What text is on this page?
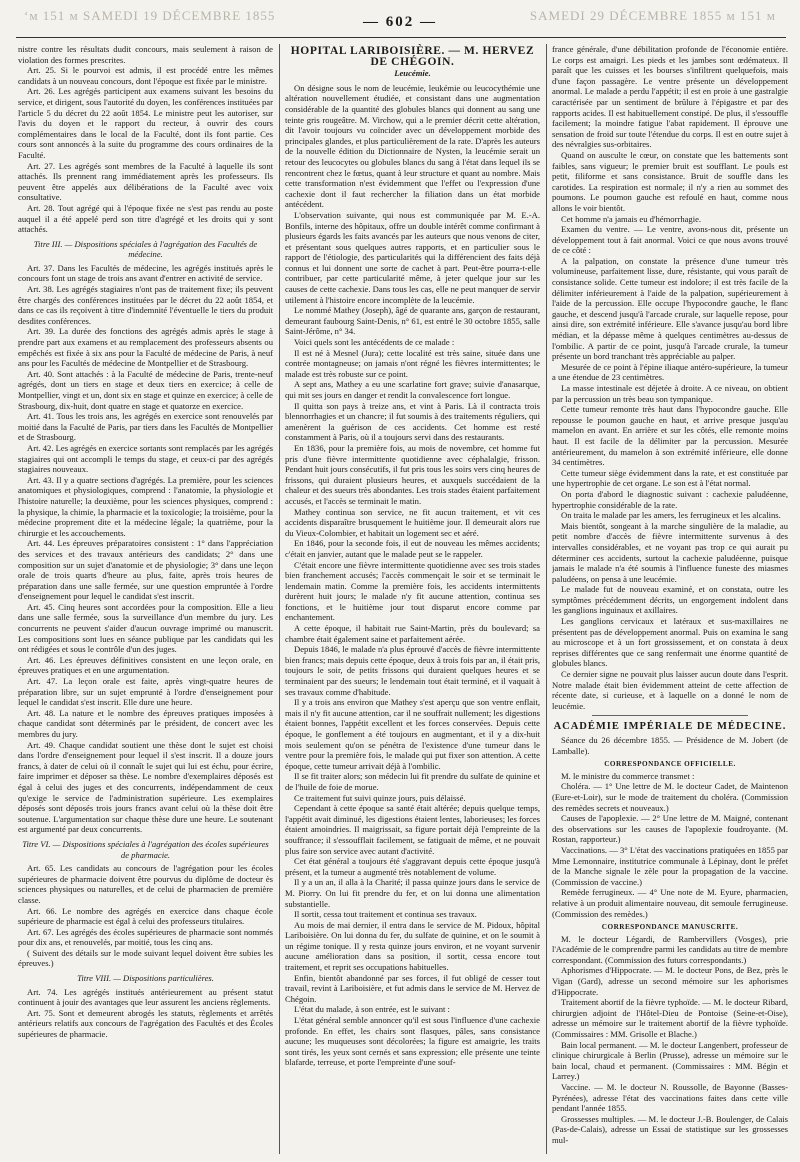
‘ᴍ 151 ᴍ SAMEDI 19 DÉCEMBRE 1855	— 602 —	SAMEDI 29 DÉCEMBRE 1855 ᴍ 151 ᴍ

nistre contre les résultats dudit concours, mais seulement à raison de violation des formes prescrites.

Art. 25. Si le pourvoi est admis, il est procédé entre les mêmes candidats à un nouveau concours, dont l'époque est fixée par le ministre.

Art. 26. Les agrégés participent aux examens suivant les besoins du service, et dirigent, sous l'autorité du doyen, les conférences instituées par l'article 5 du décret du 22 août 1854. Le ministre peut les autoriser, sur l'avis du doyen et le rapport du recteur, à ouvrir des cours complémentaires dans le local de la Faculté, dont ils font partie. Ces cours sont annoncés à la suite du programme des cours ordinaires de la Faculté.

Art. 27. Les agrégés sont membres de la Faculté à laquelle ils sont attachés. Ils prennent rang immédiatement après les professeurs. Ils peuvent être appelés aux délibérations de la Faculté avec voix consultative.

Art. 28. Tout agrégé qui à l'époque fixée ne s'est pas rendu au poste auquel il a été appelé perd son titre d'agrégé et les droits qui y sont attachés.

Titre III. — Dispositions spéciales à l'agrégation des Facultés de médecine.

Art. 37. Dans les Facultés de médecine, les agrégés institués après le concours font un stage de trois ans avant d'entrer en activité de service.

Art. 38. Les agrégés stagiaires n'ont pas de traitement fixe; ils peuvent être chargés des conférences instituées par le décret du 22 août 1854, et dans ce cas ils reçoivent à titre d'indemnité l'éventuelle le tiers du produit desdites conférences.

Art. 39. La durée des fonctions des agrégés admis après le stage à prendre part aux examens et au remplacement des professeurs absents ou empêchés est fixée à six ans pour la Faculté de médecine de Paris, à neuf ans pour les Facultés de médecine de Montpellier et de Strasbourg.

Art. 40. Sont attachés : à la Faculté de médecine de Paris, trente-neuf agrégés, dont un tiers en stage et deux tiers en exercice; à celle de Montpellier, vingt et un, dont six en stage et quinze en exercice; à celle de Strasbourg, dix-huit, dont quatre en stage et quatorze en exercice.

Art. 41. Tous les trois ans, les agrégés en exercice sont renouvelés par moitié dans la Faculté de Paris, par tiers dans les Facultés de Montpellier et de Strasbourg.

Art. 42. Les agrégés en exercice sortants sont remplacés par les agrégés stagiaires qui ont accompli le temps du stage, et ceux-ci par des agrégés stagiaires nouveaux.

Art. 43. Il y a quatre sections d'agrégés. La première, pour les sciences anatomiques et physiologiques, comprend : l'anatomie, la physiologie et l'histoire naturelle; la deuxième, pour les sciences physiques, comprend : la physique, la chimie, la pharmacie et la toxicologie; la troisième, pour la médecine proprement dite et la médecine légale; la quatrième, pour la chirurgie et les accouchements.

Art. 44. Les épreuves préparatoires consistent : 1° dans l'appréciation des services et des travaux antérieurs des candidats; 2° dans une composition sur un sujet d'anatomie et de physiologie; 3° dans une leçon orale de trois quarts d'heure au plus, faite, après trois heures de préparation dans une salle fermée, sur une question empruntée à l'ordre d'enseignement pour lequel le candidat s'est inscrit.

Art. 45. Cinq heures sont accordées pour la composition. Elle a lieu dans une salle fermée, sous la surveillance d'un membre du jury. Les concurrents ne peuvent s'aider d'aucun ouvrage imprimé ou manuscrit. Les compositions sont lues en séance publique par les candidats qui les ont rédigées et sous le contrôle d'un des juges.

Art. 46. Les épreuves définitives consistent en une leçon orale, en épreuves pratiques et en une argumentation.

Art. 47. La leçon orale est faite, après vingt-quatre heures de préparation libre, sur un sujet emprunté à l'ordre d'enseignement pour lequel le candidat s'est inscrit. Elle dure une heure.

Art. 48. La nature et le nombre des épreuves pratiques imposées à chaque candidat sont déterminés par le président, de concert avec les membres du jury.

Art. 49. Chaque candidat soutient une thèse dont le sujet est choisi dans l'ordre d'enseignement pour lequel il s'est inscrit. Il a douze jours francs, à dater de celui où il connaît le sujet qui lui est échu, pour écrire, faire imprimer et déposer sa thèse. Le nombre d'exemplaires déposés est égal à celui des juges et des concurrents, indépendamment de ceux qu'exige le service de l'administration supérieure. Les exemplaires déposés sont déposés trois jours francs avant celui où la thèse doit être soutenue. L'argumentation sur chaque thèse dure une heure. Le soutenant est argumenté par deux concurrents.

Titre VI. — Dispositions spéciales à l'agrégation des écoles supérieures de pharmacie.

Art. 65. Les candidats au concours de l'agrégation pour les écoles supérieures de pharmacie doivent être pourvus du diplôme de docteur ès sciences physiques ou naturelles, et de celui de pharmacien de première classe.

Art. 66. Le nombre des agrégés en exercice dans chaque école supérieure de pharmacie est égal à celui des professeurs titulaires.

Art. 67. Les agrégés des écoles supérieures de pharmacie sont nommés pour dix ans, et renouvelés, par moitié, tous les cinq ans.

( Suivent des détails sur le mode suivant lequel doivent être subies les épreuves.)

Titre VIII. — Dispositions particulières.

Art. 74. Les agrégés institués antérieurement au présent statut continuent à jouir des avantages que leur assurent les anciens règlements.

Art. 75. Sont et demeurent abrogés les statuts, règlements et arrêtés antérieurs relatifs aux concours de l'agrégation des Facultés et des Écoles supérieures de pharmacie.

HOPITAL LARIBOISIÈRE. — M. HERVEZ DE CHÉGOIN.
Leucémie.

On désigne sous le nom de leucémie, leukémie ou leucocythémie une altération nouvellement étudiée, et consistant dans une augmentation considérable de la quantité des globules blancs qui donnent au sang une teinte gris rougeâtre. M. Virchow, qui a le premier décrit cette altération, dit l'avoir toujours vu coïncider avec un développement morbide des principales glandes, et plus particulièrement de la rate. D'après les auteurs de la nouvelle édition du Dictionnaire de Nysten, la leucémie serait un retour des leucocytes ou globules blancs du sang à l'état dans lequel ils se rencontrent chez le fœtus, quant à leur structure et quant au nombre. Mais cette transformation n'est évidemment que l'effet ou l'expression d'une cachexie dont il faut rechercher la filiation dans un état morbide antécédent.

L'observation suivante, qui nous est communiquée par M. E.-A. Bonfils, interne des hôpitaux, offre un double intérêt comme confirmant à plusieurs égards les faits avancés par les auteurs que nous venons de citer, et présentant sous quelques autres rapports, et en particulier sous le rapport de l'étiologie, des particularités qui la différencient des faits déjà connus et lui donnent une sorte de cachet à part. Peut-être pourra-t-elle contribuer, par cette particularité même, à jeter quelque jour sur les causes de cette cachexie. Dans tous les cas, elle ne peut manquer de servir utilement à l'histoire encore incomplète de la leucémie.

Le nommé Mathey (Joseph), âgé de quarante ans, garçon de restaurant, demeurant faubourg Saint-Denis, n° 61, est entré le 30 octobre 1855, salle Saint-Jérôme, n° 34.

Voici quels sont les antécédents de ce malade :

Il est né à Mesnel (Jura); cette localité est très saine, située dans une contrée montagneuse; on jamais n'ont régné les fièvres intermittentes; le malade est très robuste sur ce point.

A sept ans, Mathey a eu une scarlatine fort grave; suivie d'anasarque, qui mit ses jours en danger et rendit la convalescence fort longue.

Il quitta son pays à treize ans, et vint à Paris. Là il contracta trois blennorrhagies et un chancre; il fut soumis à des traitements réguliers, qui amenèrent la guérison de ces accidents. Cet homme est resté constamment à Paris, où il a toujours servi dans des restaurants.

En 1836, pour la première fois, au mois de novembre, cet homme fut pris d'une fièvre intermittente quotidienne avec céphalalgie, frisson. Pendant huit jours consécutifs, il fut pris tous les soirs vers cinq heures de frissons, qui duraient plusieurs heures, et auxquels succédaient de la chaleur et des sueurs très abondantes. Les trois stades étaient parfaitement accusés, et l'accès se terminait le matin.

Mathey continua son service, ne fit aucun traitement, et vit ces accidents disparaître brusquement le huitième jour. Il demeurait alors rue du Vieux-Colombier, et habitait un logement sec et aéré.

En 1846, pour la seconde fois, il eut de nouveau les mêmes accidents; c'était en janvier, autant que le malade peut se le rappeler.

C'était encore une fièvre intermittente quotidienne avec ses trois stades bien franchement accusés; l'accès commençait le soir et se terminait le lendemain matin. Comme la première fois, les accidents intermittents durèrent huit jours; le malade n'y fit aucune attention, continua ses fonctions, et le huitième jour tout disparut encore comme par enchantement.

A cette époque, il habitait rue Saint-Martin, près du boulevard; sa chambre était également saine et parfaitement aérée.

Depuis 1846, le malade n'a plus éprouvé d'accès de fièvre intermittente bien francs; mais depuis cette époque, deux à trois fois par an, il était pris, toujours le soir, de petits frissons qui duraient quelques heures et se terminaient par des sueurs; le lendemain tout était terminé, et il vaquait à ses travaux comme d'habitude.

Il y a trois ans environ que Mathey s'est aperçu que son ventre enflait, mais il n'y fit aucune attention, car il ne souffrait nullement; les digestions étaient bonnes, l'appétit excellent et les forces conservées. Depuis cette époque, le gonflement a été toujours en augmentant, et il y a dix-huit mois seulement qu'on se pénétra de l'existence d'une tumeur dans le ventre pour la première fois, le malade qui put fixer son attention. A cette époque, cette tumeur arrivait déjà à l'ombilic.

Il se fit traiter alors; son médecin lui fit prendre du sulfate de quinine et de l'huile de foie de morue.

Ce traitement fut suivi quinze jours, puis délaissé.

Cependant à cette époque sa santé était altérée; depuis quelque temps, l'appétit avait diminué, les digestions étaient lentes, laborieuses; les forces étaient amoindries. Il maigrissait, sa figure portait déjà l'empreinte de la souffrance; il s'essoufflait facilement, se fatiguait de même, et ne pouvait plus faire son service avec autant d'activité.

Cet état général a toujours été s'aggravant depuis cette époque jusqu'à présent, et la tumeur a augmenté très notablement de volume.

Il y a un an, il alla à la Charité; il passa quinze jours dans le service de M. Piorry. On lui fit prendre du fer, et on lui donna une alimentation substantielle.

Il sortit, cessa tout traitement et continua ses travaux.

Au mois de mai dernier, il entra dans le service de M. Pidoux, hôpital Lariboisière. On lui donna du fer, du sulfate de quinine, et on le soumit à un régime tonique. Il y resta quinze jours environ, et ne voyant survenir aucune amélioration dans sa position, il sortit, cessa encore tout traitement, et reprit ses occupations habituelles.

Enfin, bientôt abandonné par ses forces, il fut obligé de cesser tout travail, revint à Lariboisière, et fut admis dans le service de M. Hervez de Chégoin.

L'état du malade, à son entrée, est le suivant :

L'état général semble annoncer qu'il est sous l'influence d'une cachexie profonde. En effet, les chairs sont flasques, pâles, sans consistance aucune; les muqueuses sont décolorées; la figure est amaigrie, les traits sont tirés, les yeux sont cernés et sans expression; elle présente une teinte blafarde, terreuse, et porte l'empreinte d'une souf-

france générale, d'une débilitation profonde de l'économie entière. Le corps est amaigri. Les pieds et les jambes sont œdémateux. Il paraît que les cuisses et les bourses s'infiltrent quelquefois, mais d'une façon passagère. Le ventre présente un développement anormal. Le malade a perdu l'appétit; il est en proie à une gastralgie caractérisée par un sentiment de brûlure à l'épigastre et par des rapports acides. Il est habituellement constipé. De plus, il s'essouffle facilement; la moindre fatigue l'abat rapidement. Il éprouve une sensation de froid sur toute l'étendue du corps. Il est en outre sujet à des névralgies sus-orbitaires.

Quand on ausculte le cœur, on constate que les battements sont faibles, sans vigueur; le premier bruit est soufflant. Le pouls est petit, filiforme et sans consistance. Bruit de souffle dans les carotides. La respiration est normale; il n'y a rien au sommet des poumons. Le poumon gauche est refoulé en haut, comme nous allons le voir bientôt.

Cet homme n'a jamais eu d'hémorrhagie.

Examen du ventre. — Le ventre, avons-nous dit, présente un développement tout à fait anormal. Voici ce que nous avons trouvé de ce côté :

A la palpation, on constate la présence d'une tumeur très volumineuse, parfaitement lisse, dure, résistante, qui vous paraît de consistance solide. Cette tumeur est indolore; il est très facile de la délimiter inférieurement à l'aide de la palpation, supérieurement à l'aide de la percussion. Elle occupe l'hypocondre gauche, le flanc gauche, et descend jusqu'à l'arcade crurale, sur laquelle repose, pour ainsi dire, son extrémité inférieure. Elle s'avance jusqu'au bord libre médian, et la dépasse même à quelques centimètres au-dessus de l'ombilic. A partir de ce point, jusqu'à l'arcade crurale, la tumeur présente un bord tranchant très appréciable au palper.

Mesurée de ce point à l'épine iliaque antéro-supérieure, la tumeur a une étendue de 23 centimètres.

La masse intestinale est déjetée à droite. A ce niveau, on obtient par la percussion un très beau son tympanique.

Cette tumeur remonte très haut dans l'hypocondre gauche. Elle repousse le poumon gauche en haut, et arrive presque jusqu'au mamelon en avant. En arrière et sur les côtés, elle remonte moins haut. Il est facile de la délimiter par la percussion. Mesurée antérieurement, du mamelon à son extrémité inférieure, elle donne 34 centimètres.

Cette tumeur siège évidemment dans la rate, et est constituée par une hypertrophie de cet organe. Le son est à l'état normal.

On porta d'abord le diagnostic suivant : cachexie paludéenne, hypertrophie considérable de la rate.

On traita le malade par les amers, les ferrugineux et les alcalins.

Mais bientôt, songeant à la marche singulière de la maladie, au petit nombre d'accès de fièvre intermittente survenus à des intervalles considérables, et ne voyant pas trop ce qui aurait pu déterminer ces accidents, surtout la cachexie paludéenne, puisque jamais le malade n'a été soumis à l'influence funeste des miasmes paludéens, on pensa à une leucémie.

Le malade fut de nouveau examiné, et on constata, outre les symptômes précédemment décrits, un engorgement indolent dans les ganglions inguinaux et axillaires.

Les ganglions cervicaux et latéraux et sus-maxillaires ne présentent pas de développement anormal. Puis on examina le sang au microscope et à un fort grossissement, et on constata à deux reprises différentes que ce sang renfermait une énorme quantité de globules blancs.

Ce dernier signe ne pouvait plus laisser aucun doute dans l'esprit. Notre malade était bien évidemment atteint de cette affection de récente date, si curieuse, et à laquelle on a donné le nom de leucémie.

ACADÉMIE IMPÉRIALE DE MÉDECINE.

Séance du 26 décembre 1855. — Présidence de M. Jobert (de Lamballe).

CORRESPONDANCE OFFICIELLE.

M. le ministre du commerce transmet :

Choléra. — 1° Une lettre de M. le docteur Cadet, de Maintenon (Eure-et-Loir), sur le mode de traitement du choléra. (Commission des remèdes secrets et nouveaux.)

Causes de l'apoplexie. — 2° Une lettre de M. Maigné, contenant des observations sur les causes de l'apoplexie foudroyante. (M. Rostan, rapporteur.)

Vaccinations. — 3° L'état des vaccinations pratiquées en 1855 par Mme Lemonnaire, institutrice communale à Lépinay, dont le préfet de la Manche signale le zèle pour la propagation de la vaccine. (Commission de vaccine.)

Remède ferrugineux. — 4° Une note de M. Eyure, pharmacien, relative à un produit alimentaire nouveau, dit semoule ferrugineuse. (Commission des remèdes.)

CORRESPONDANCE MANUSCRITE.

M. le docteur Légardi, de Rambervillers (Vosges), prie l'Académie de le comprendre parmi les candidats au titre de membre correspondant. (Commission des futurs correspondants.)

Aphorismes d'Hippocrate. — M. le docteur Pons, de Bez, près le Vigan (Gard), adresse un second mémoire sur les aphorismes d'Hippocrate.

Traitement abortif de la fièvre typhoïde. — M. le docteur Ribard, chirurgien adjoint de l'Hôtel-Dieu de Pontoise (Seine-et-Oise), adresse un mémoire sur le traitement abortif de la fièvre typhoïde. (Commissaires : MM. Grisolle et Blache.)

Bain local permanent. — M. le docteur Langenbert, professeur de clinique chirurgicale à Berlin (Prusse), adresse un mémoire sur le bain local, chaud et permanent. (Commissaires : MM. Bégin et Larrey.)

Vaccine. — M. le docteur N. Roussolle, de Bayonne (Basses-Pyrénées), adresse l'état des vaccinations faites dans cette ville pendant l'année 1855.

Grossesses multiples. — M. le docteur J.-B. Boulenger, de Calais (Pas-de-Calais), adresse un Essai de statistique sur les grossesses mul-
